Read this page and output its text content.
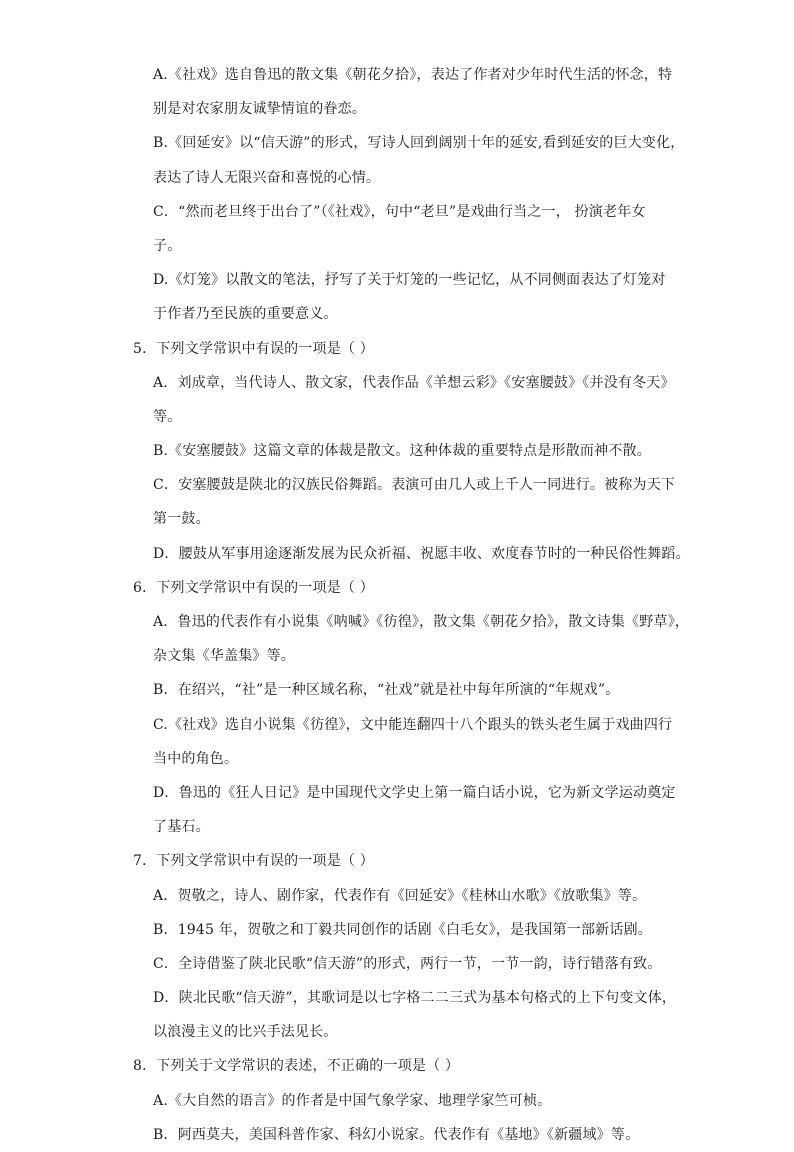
A.《社戏》选自鲁迅的散文集《朝花夕拾》，表达了作者对少年时代生活的怀念，特
别是对农家朋友诚挚情谊的眷恋。
B.《回延安》以“信天游”的形式，写诗人回到阔别十年的延安,看到延安的巨大变化，
表达了诗人无限兴奋和喜悦的心情。
C．“然而老旦终于出台了”（《社戏》，句中“老旦”是戏曲行当之一， 扮演老年女
子。
D.《灯笼》以散文的笔法，抒写了关于灯笼的一些记忆，从不同侧面表达了灯笼对
于作者乃至民族的重要意义。
5．下列文学常识中有误的一项是（ ）
A．刘成章，当代诗人、散文家，代表作品《羊想云彩》《安塞腰鼓》《并没有冬天》
等。
B.《安塞腰鼓》这篇文章的体裁是散文。这种体裁的重要特点是形散而神不散。
C．安塞腰鼓是陕北的汉族民俗舞蹈。表演可由几人或上千人一同进行。被称为天下
第一鼓。
D．腰鼓从军事用途逐渐发展为民众祈福、祝愿丰收、欢度春节时的一种民俗性舞蹈。
6．下列文学常识中有误的一项是（ ）
A．鲁迅的代表作有小说集《呐喊》《彷徨》，散文集《朝花夕拾》，散文诗集《野草》，
杂文集《华盖集》等。
B．在绍兴，“社”是一种区域名称，“社戏”就是社中每年所演的“年规戏”。
C.《社戏》选自小说集《彷徨》，文中能连翻四十八个跟头的铁头老生属于戏曲四行
当中的角色。
D．鲁迅的《狂人日记》是中国现代文学史上第一篇白话小说，它为新文学运动奠定
了基石。
7．下列文学常识中有误的一项是（ ）
A．贺敬之，诗人、剧作家，代表作有《回延安》《桂林山水歌》《放歌集》等。
B．1945 年，贺敬之和丁毅共同创作的话剧《白毛女》，是我国第一部新话剧。
C．全诗借鉴了陕北民歌“信天游”的形式，两行一节，一节一韵，诗行错落有致。
D．陕北民歌“信天游”，其歌词是以七字格二二三式为基本句格式的上下句变文体，
以浪漫主义的比兴手法见长。
8．下列关于文学常识的表述，不正确的一项是（ ）
A.《大自然的语言》的作者是中国气象学家、地理学家竺可桢。
B．阿西莫夫，美国科普作家、科幻小说家。代表作有《基地》《新疆域》等。
